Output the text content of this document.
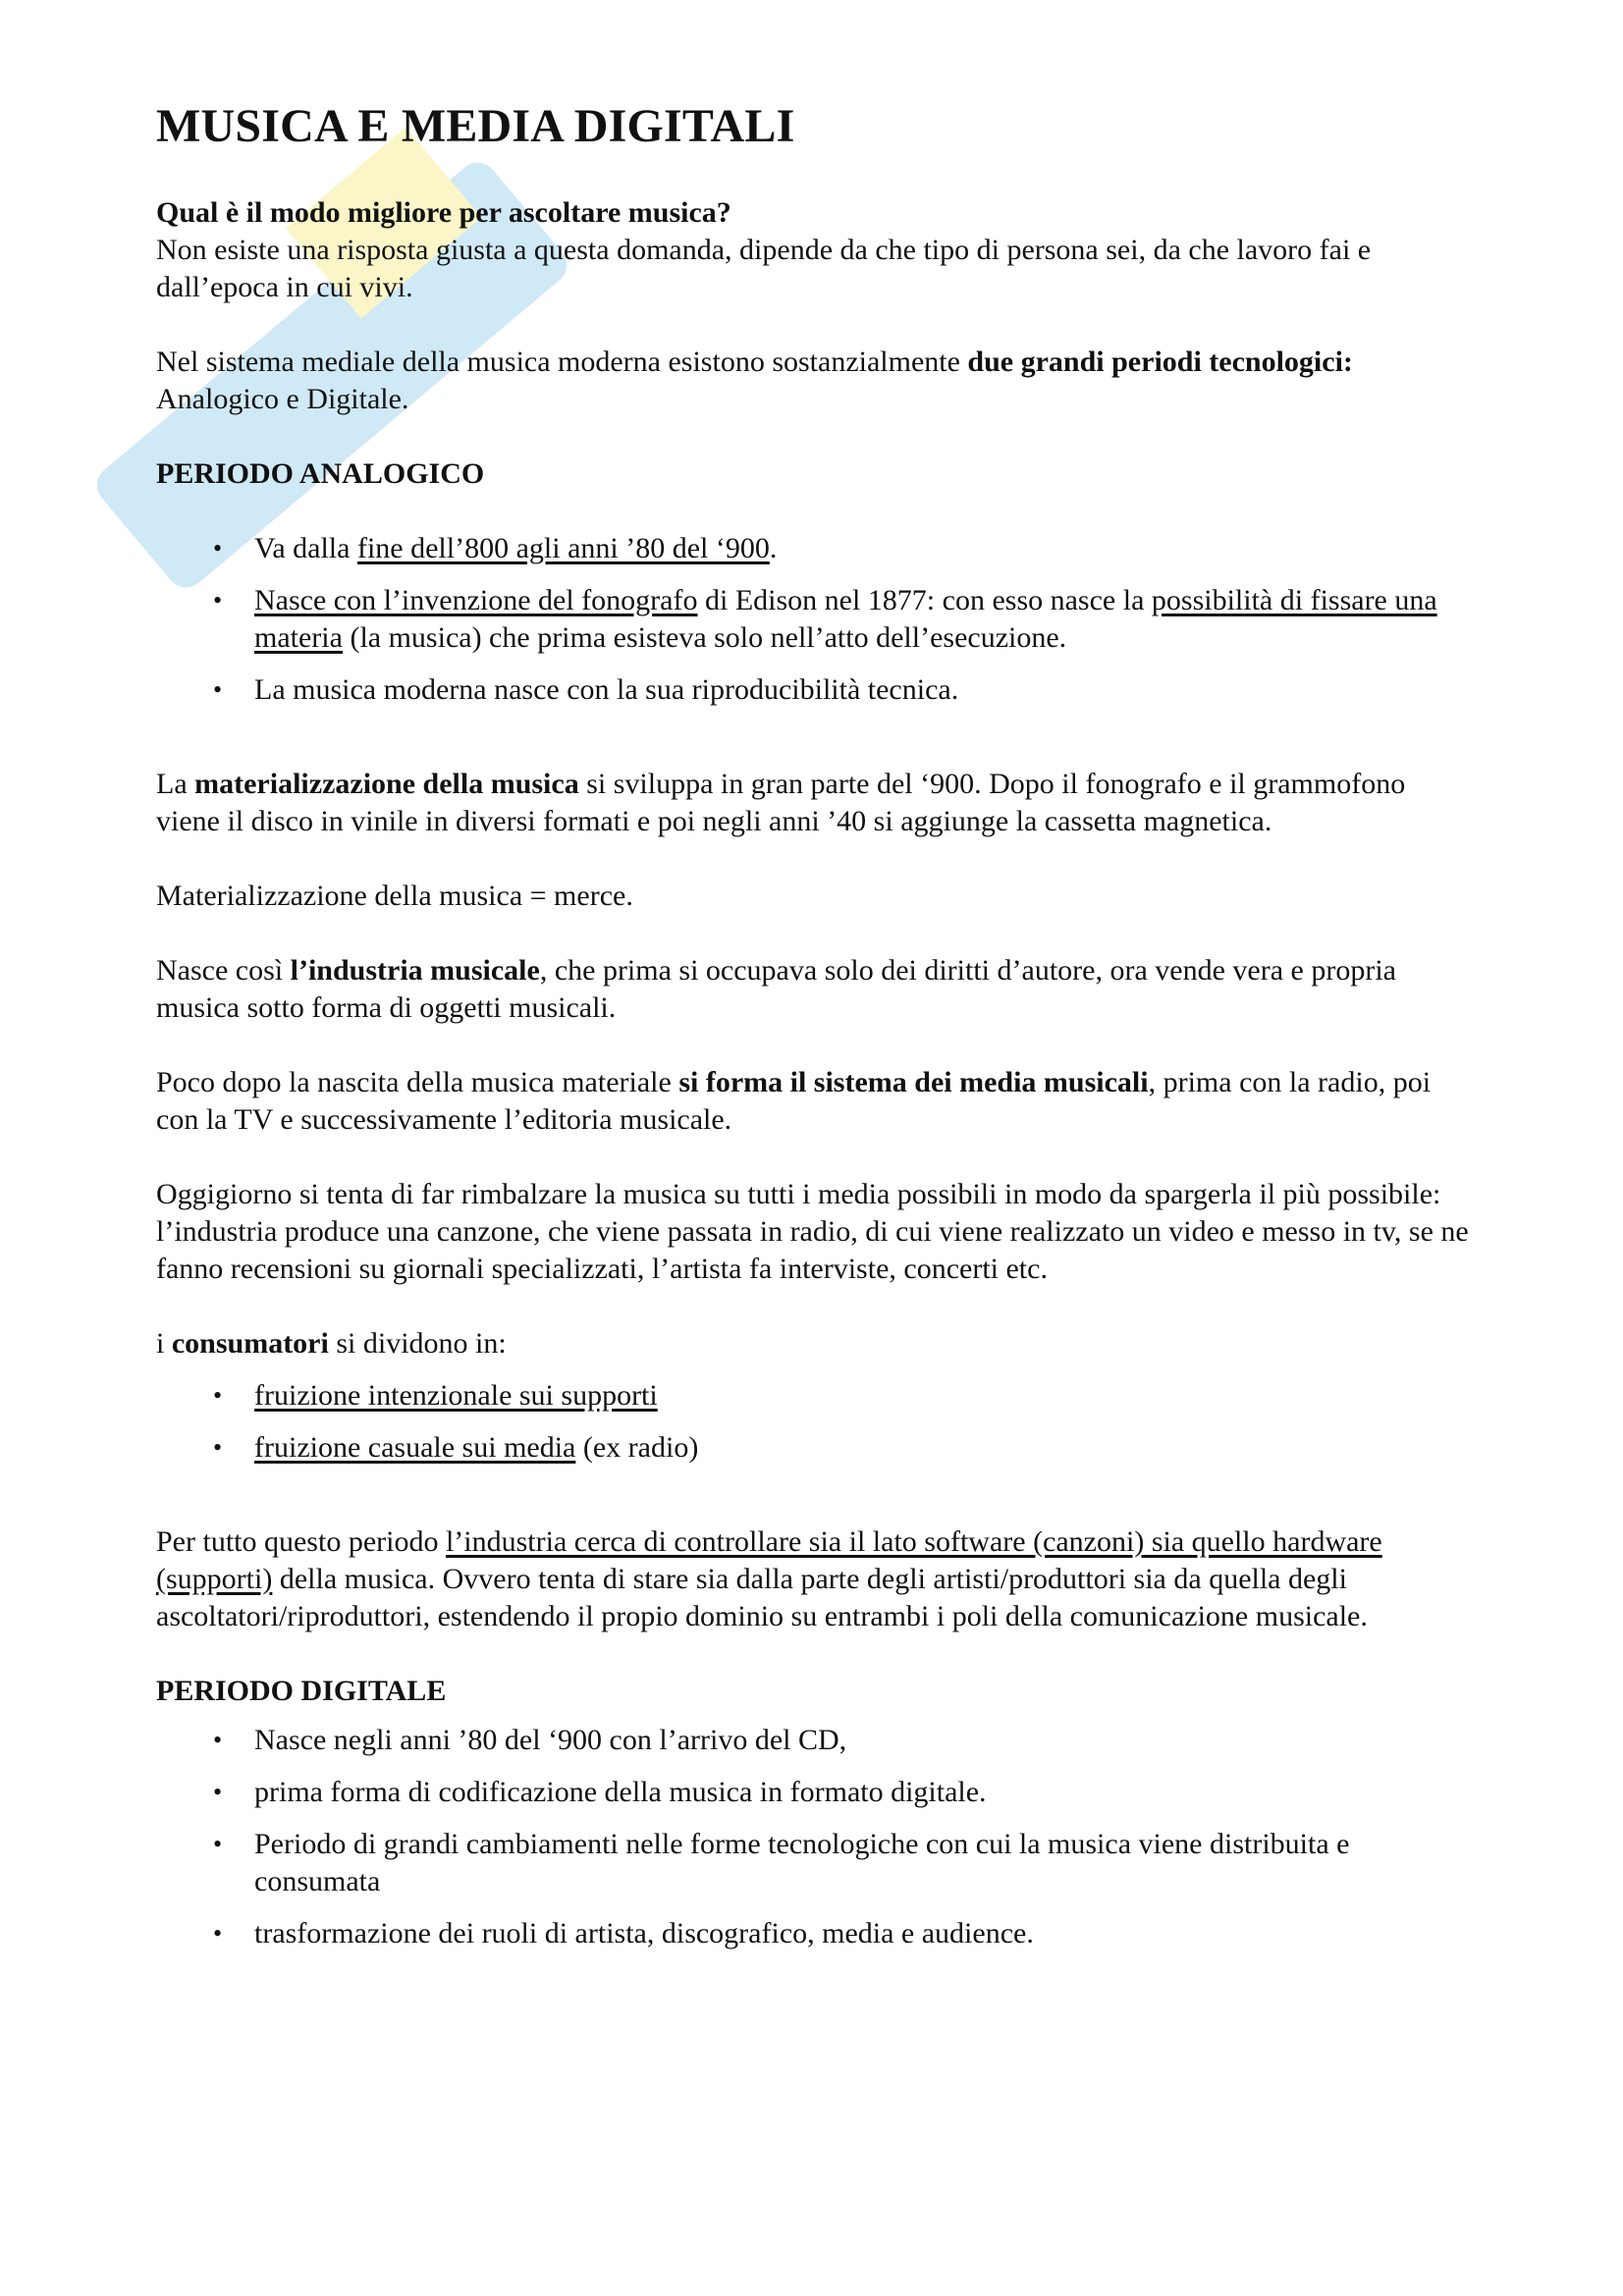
MUSICA E MEDIA DIGITALI

Qual è il modo migliore per ascoltare musica?
Non esiste una risposta giusta a questa domanda, dipende da che tipo di persona sei, da che lavoro fai e dall’epoca in cui vivi.

Nel sistema mediale della musica moderna esistono sostanzialmente due grandi periodi tecnologici: Analogico e Digitale.

PERIODO ANALOGICO
• Va dalla fine dell’800 agli anni ’80 del ‘900.
• Nasce con l’invenzione del fonografo di Edison nel 1877: con esso nasce la possibilità di fissare una materia (la musica) che prima esisteva solo nell’atto dell’esecuzione.
• La musica moderna nasce con la sua riproducibilità tecnica.

La materializzazione della musica si sviluppa in gran parte del ‘900. Dopo il fonografo e il grammofono viene il disco in vinile in diversi formati e poi negli anni ’40 si aggiunge la cassetta magnetica.

Materializzazione della musica = merce.

Nasce così l’industria musicale, che prima si occupava solo dei diritti d’autore, ora vende vera e propria musica sotto forma di oggetti musicali.

Poco dopo la nascita della musica materiale si forma il sistema dei media musicali, prima con la radio, poi con la TV e successivamente l’editoria musicale.

Oggigiorno si tenta di far rimbalzare la musica su tutti i media possibili in modo da spargerla il più possibile: l’industria produce una canzone, che viene passata in radio, di cui viene realizzato un video e messo in tv, se ne fanno recensioni su giornali specializzati, l’artista fa interviste, concerti etc.

i consumatori si dividono in:

• fruizione intenzionale sui supporti
• fruizione casuale sui media (ex radio)

Per tutto questo periodo l’industria cerca di controllare sia il lato software (canzoni) sia quello hardware (supporti) della musica. Ovvero tenta di stare sia dalla parte degli artisti/produttori sia da quella degli ascoltatori/riproduttori, estendendo il propio dominio su entrambi i poli della comunicazione musicale.

PERIODO DIGITALE
• Nasce negli anni ’80 del ‘900 con l’arrivo del CD,
• prima forma di codificazione della musica in formato digitale.
• Periodo di grandi cambiamenti nelle forme tecnologiche con cui la musica viene distribuita e consumata
• trasformazione dei ruoli di artista, discografico, media e audience.
